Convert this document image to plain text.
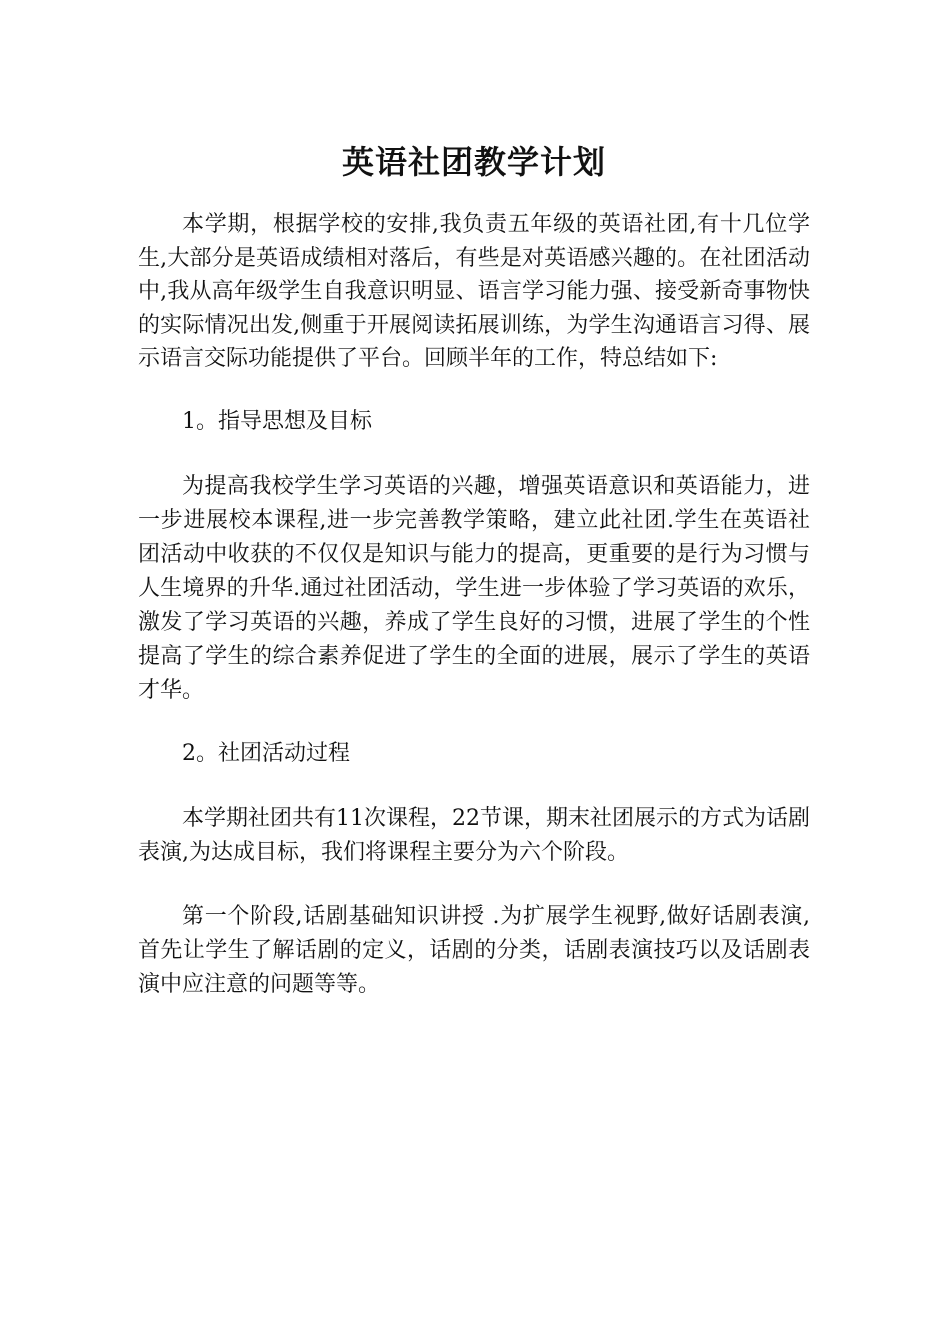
英语社团教学计划

本学期，根据学校的安排,我负责五年级的英语社团,有十几位学生,大部分是英语成绩相对落后，有些是对英语感兴趣的。在社团活动中,我从高年级学生自我意识明显、语言学习能力强、接受新奇事物快的实际情况出发,侧重于开展阅读拓展训练，为学生沟通语言习得、展示语言交际功能提供了平台。回顾半年的工作，特总结如下:

1。指导思想及目标

为提高我校学生学习英语的兴趣，增强英语意识和英语能力，进一步进展校本课程,进一步完善教学策略，建立此社团.学生在英语社团活动中收获的不仅仅是知识与能力的提高，更重要的是行为习惯与人生境界的升华.通过社团活动，学生进一步体验了学习英语的欢乐，激发了学习英语的兴趣，养成了学生良好的习惯，进展了学生的个性提高了学生的综合素养促进了学生的全面的进展，展示了学生的英语才华。

2。社团活动过程

本学期社团共有11次课程，22节课，期末社团展示的方式为话剧表演,为达成目标，我们将课程主要分为六个阶段。

第一个阶段,话剧基础知识讲授 .为扩展学生视野,做好话剧表演,首先让学生了解话剧的定义，话剧的分类，话剧表演技巧以及话剧表演中应注意的问题等等。
